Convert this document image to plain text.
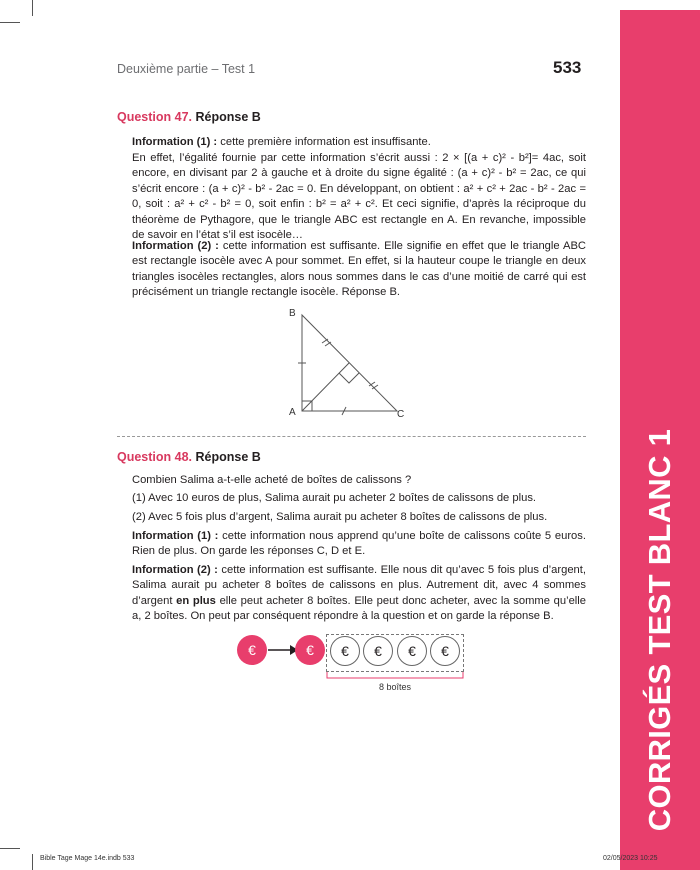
Deuxième partie – Test 1	533
CORRIGÉS TEST BLANC 1
Question 47. Réponse B

Information (1) : cette première information est insuffisante.

En effet, l’égalité fournie par cette information s’écrit aussi : 2 × [(a + c)² - b²]= 4ac, soit encore, en divisant par 2 à gauche et à droite du signe égalité : (a + c)² - b² = 2ac, ce qui s’écrit encore : (a + c)² - b² - 2ac = 0. En développant, on obtient : a² + c² + 2ac - b² - 2ac = 0, soit : a² + c² - b² = 0, soit enfin : b² = a² + c². Et ceci signifie, d’après la réciproque du théorème de Pythagore, que le triangle ABC est rectangle en A. En revanche, impossible de savoir en l’état s’il est isocèle…

Information (2) : cette information est suffisante. Elle signifie en effet que le triangle ABC est rectangle isocèle avec A pour sommet. En effet, si la hauteur coupe le triangle en deux triangles isocèles rectangles, alors nous sommes dans le cas d’une moitié de carré qui est précisément un triangle rectangle isocèle. Réponse B.

B
A	C
Question 48. Réponse B

Combien Salima a-t-elle acheté de boîtes de calissons ?

(1) Avec 10 euros de plus, Salima aurait pu acheter 2 boîtes de calissons de plus.

(2) Avec 5 fois plus d’argent, Salima aurait pu acheter 8 boîtes de calissons de plus.

Information (1) : cette information nous apprend qu’une boîte de calissons coûte 5 euros. Rien de plus. On garde les réponses C, D et E.

Information (2) : cette information est suffisante. Elle nous dit qu’avec 5 fois plus d’argent, Salima aurait pu acheter 8 boîtes de calissons en plus. Autrement dit, avec 4 sommes d’argent en plus elle peut acheter 8 boîtes. Elle peut donc acheter, avec la somme qu’elle a, 2 boîtes. On peut par conséquent répondre à la question et on garde la réponse B.

€	€	€	€	€	€
8 boîtes
Bible Tage Mage 14e.indb 533	02/05/2023 10:25
